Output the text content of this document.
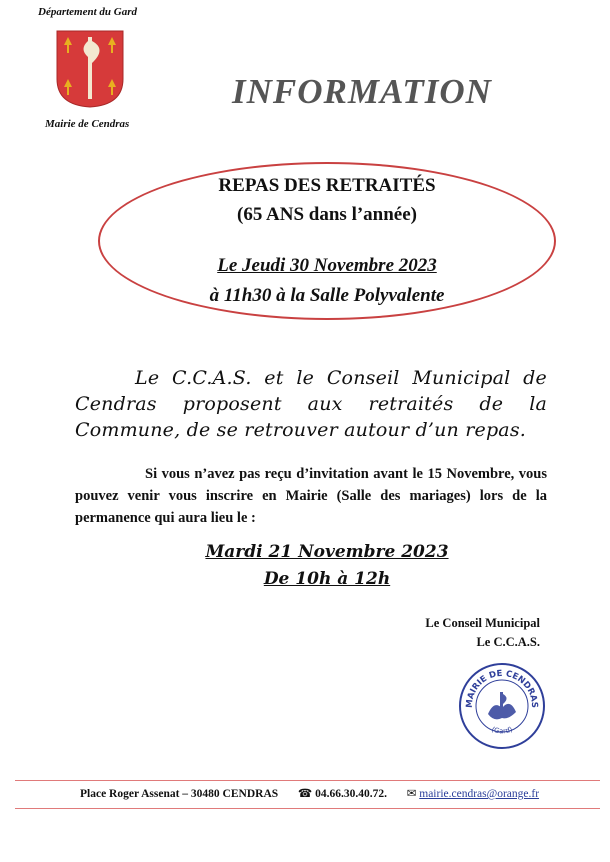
Département du Gard
Mairie de Cendras
INFORMATION
REPAS DES RETRAITÉS
(65 ANS dans l’année)
Le Jeudi 30 Novembre 2023
à 11h30 à la Salle Polyvalente
Le C.C.A.S. et le Conseil Municipal de Cendras proposent aux retraités de la Commune, de se retrouver autour d’un repas.
Si vous n’avez pas reçu d’invitation avant le 15 Novembre, vous pouvez venir vous inscrire en Mairie (Salle des mariages) lors de la permanence qui aura lieu le :
Mardi 21 Novembre 2023
De 10h à 12h
Le Conseil Municipal
Le C.C.A.S.
MAIRIE DE CENDRAS
(Gard)
Place Roger Assenat – 30480 CENDRAS ☎ 04.66.30.40.72. ✉ mairie.cendras@orange.fr
